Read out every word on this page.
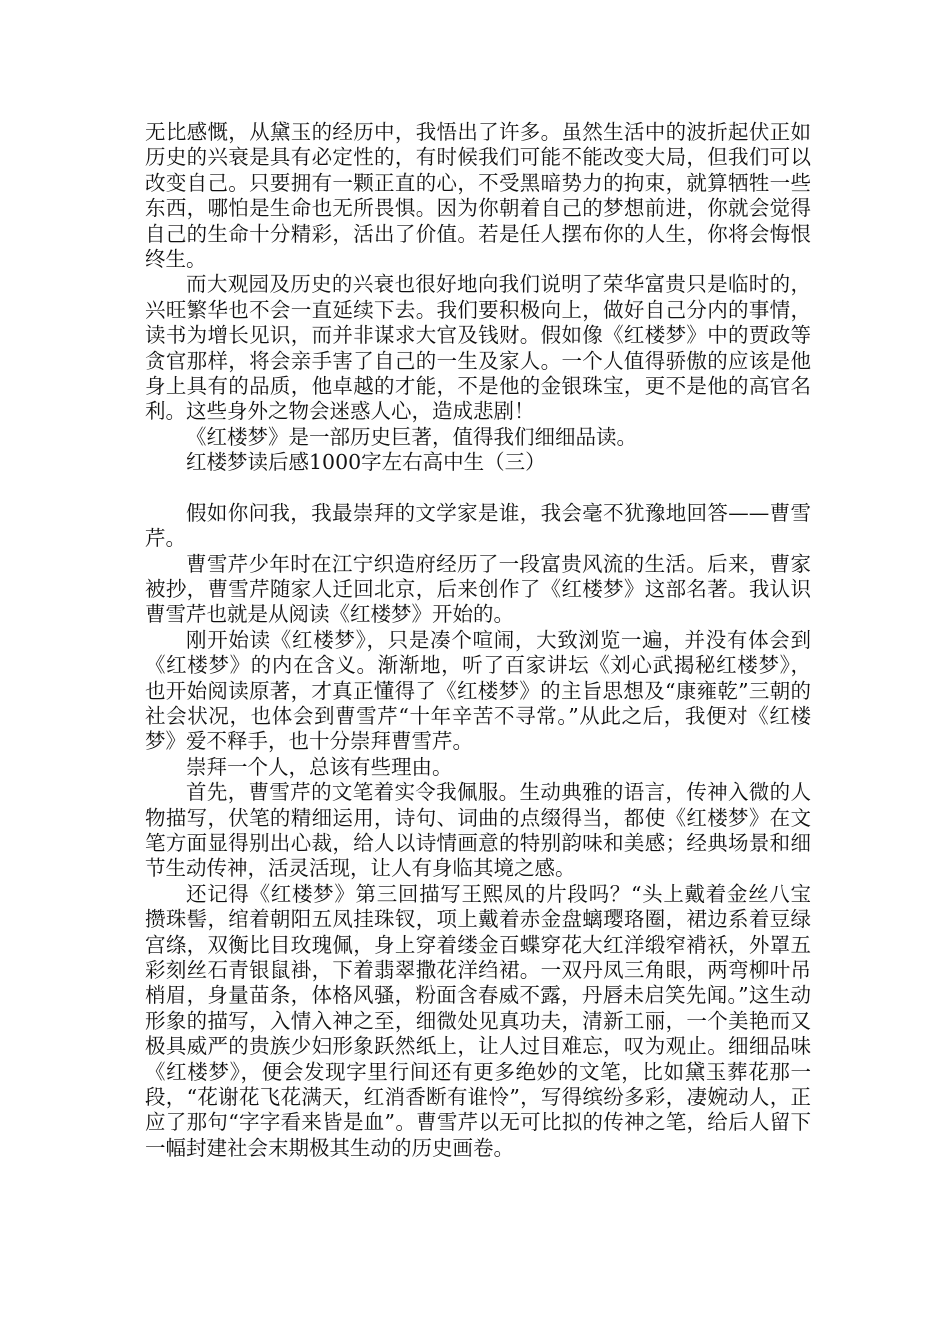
无比感慨，从黛玉的经历中，我悟出了许多。虽然生活中的波折起伏正如历史的兴衰是具有必定性的，有时候我们可能不能改变大局，但我们可以改变自己。只要拥有一颗正直的心，不受黑暗势力的拘束，就算牺牲一些东西，哪怕是生命也无所畏惧。因为你朝着自己的梦想前进，你就会觉得自己的生命十分精彩，活出了价值。若是任人摆布你的人生，你将会悔恨终生。

而大观园及历史的兴衰也很好地向我们说明了荣华富贵只是临时的，兴旺繁华也不会一直延续下去。我们要积极向上，做好自己分内的事情，读书为增长见识，而并非谋求大官及钱财。假如像《红楼梦》中的贾政等贪官那样，将会亲手害了自己的一生及家人。一个人值得骄傲的应该是他身上具有的品质，他卓越的才能，不是他的金银珠宝，更不是他的高官名利。这些身外之物会迷惑人心，造成悲剧！

《红楼梦》是一部历史巨著，值得我们细细品读。

红楼梦读后感1000字左右高中生（三）

假如你问我，我最崇拜的文学家是谁，我会毫不犹豫地回答——曹雪芹。

曹雪芹少年时在江宁织造府经历了一段富贵风流的生活。后来，曹家被抄，曹雪芹随家人迁回北京，后来创作了《红楼梦》这部名著。我认识曹雪芹也就是从阅读《红楼梦》开始的。

刚开始读《红楼梦》，只是凑个喧闹，大致浏览一遍，并没有体会到《红楼梦》的内在含义。渐渐地，听了百家讲坛《刘心武揭秘红楼梦》，也开始阅读原著，才真正懂得了《红楼梦》的主旨思想及“康雍乾”三朝的社会状况，也体会到曹雪芹“十年辛苦不寻常。”从此之后，我便对《红楼梦》爱不释手，也十分崇拜曹雪芹。

崇拜一个人，总该有些理由。

首先，曹雪芹的文笔着实令我佩服。生动典雅的语言，传神入微的人物描写，伏笔的精细运用，诗句、词曲的点缀得当，都使《红楼梦》在文笔方面显得别出心裁，给人以诗情画意的特别韵味和美感；经典场景和细节生动传神，活灵活现，让人有身临其境之感。

还记得《红楼梦》第三回描写王熙凤的片段吗？“头上戴着金丝八宝攒珠髻，绾着朝阳五凤挂珠钗，项上戴着赤金盘螭璎珞圈，裙边系着豆绿宫绦，双衡比目玫瑰佩，身上穿着缕金百蝶穿花大红洋缎窄褙袄，外罩五彩刻丝石青银鼠褂，下着翡翠撒花洋绉裙。一双丹凤三角眼，两弯柳叶吊梢眉，身量苗条，体格风骚，粉面含春威不露，丹唇未启笑先闻。”这生动形象的描写，入情入神之至，细微处见真功夫，清新工丽，一个美艳而又极具威严的贵族少妇形象跃然纸上，让人过目难忘，叹为观止。细细品味《红楼梦》，便会发现字里行间还有更多绝妙的文笔，比如黛玉葬花那一段，“花谢花飞花满天，红消香断有谁怜”，写得缤纷多彩，凄婉动人，正应了那句“字字看来皆是血”。曹雪芹以无可比拟的传神之笔，给后人留下一幅封建社会末期极其生动的历史画卷。
